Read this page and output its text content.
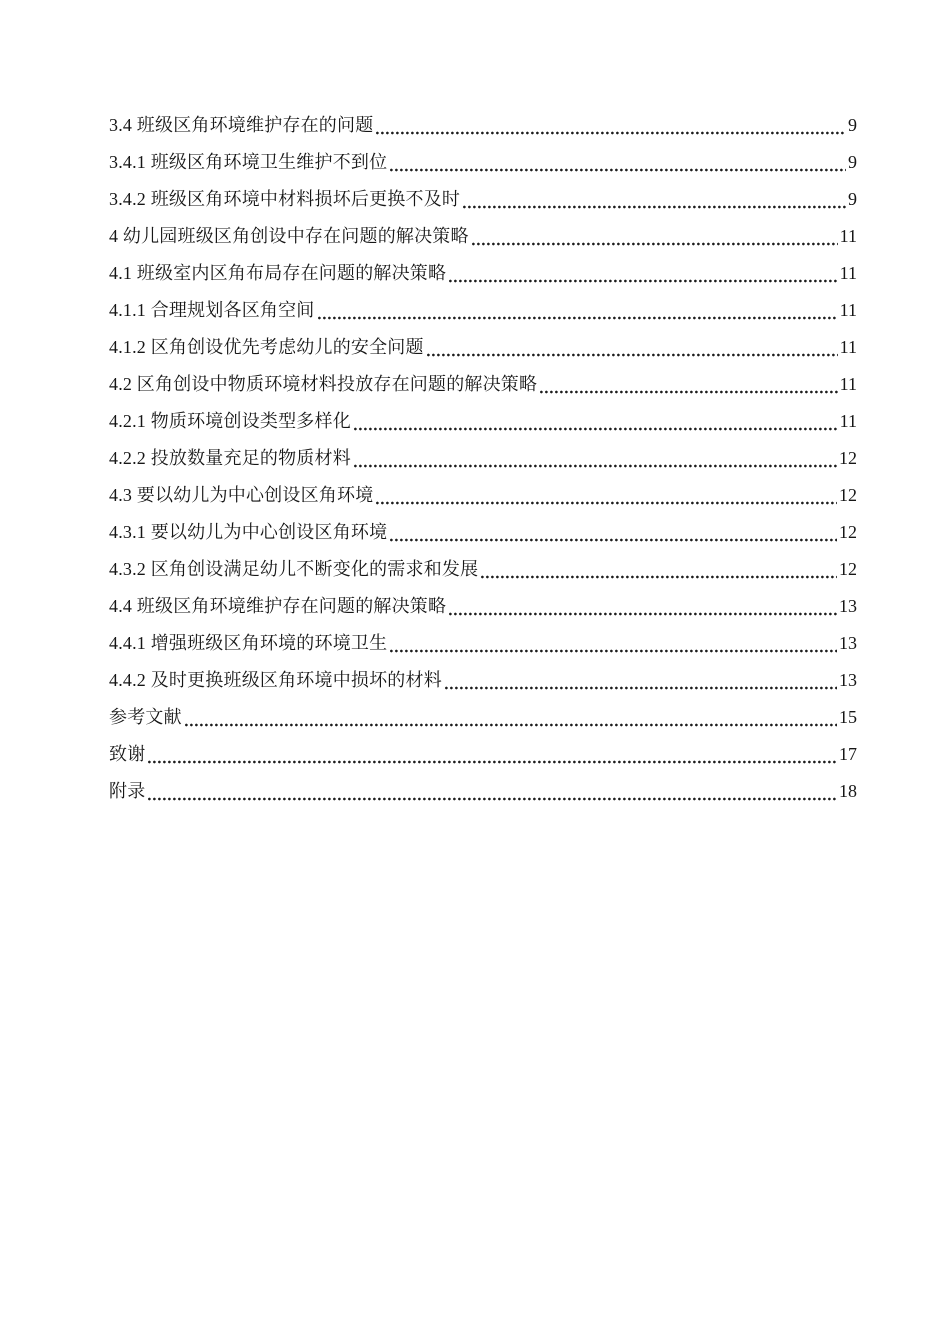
3.4 班级区角环境维护存在的问题	9
3.4.1 班级区角环境卫生维护不到位	9
3.4.2 班级区角环境中材料损坏后更换不及时	9
4 幼儿园班级区角创设中存在问题的解决策略	11
4.1 班级室内区角布局存在问题的解决策略	11
4.1.1 合理规划各区角空间	11
4.1.2 区角创设优先考虑幼儿的安全问题	11
4.2 区角创设中物质环境材料投放存在问题的解决策略	11
4.2.1 物质环境创设类型多样化	11
4.2.2 投放数量充足的物质材料	12
4.3 要以幼儿为中心创设区角环境	12
4.3.1 要以幼儿为中心创设区角环境	12
4.3.2 区角创设满足幼儿不断变化的需求和发展	12
4.4 班级区角环境维护存在问题的解决策略	13
4.4.1 增强班级区角环境的环境卫生	13
4.4.2 及时更换班级区角环境中损坏的材料	13
参考文献	15
致谢	17
附录	18
